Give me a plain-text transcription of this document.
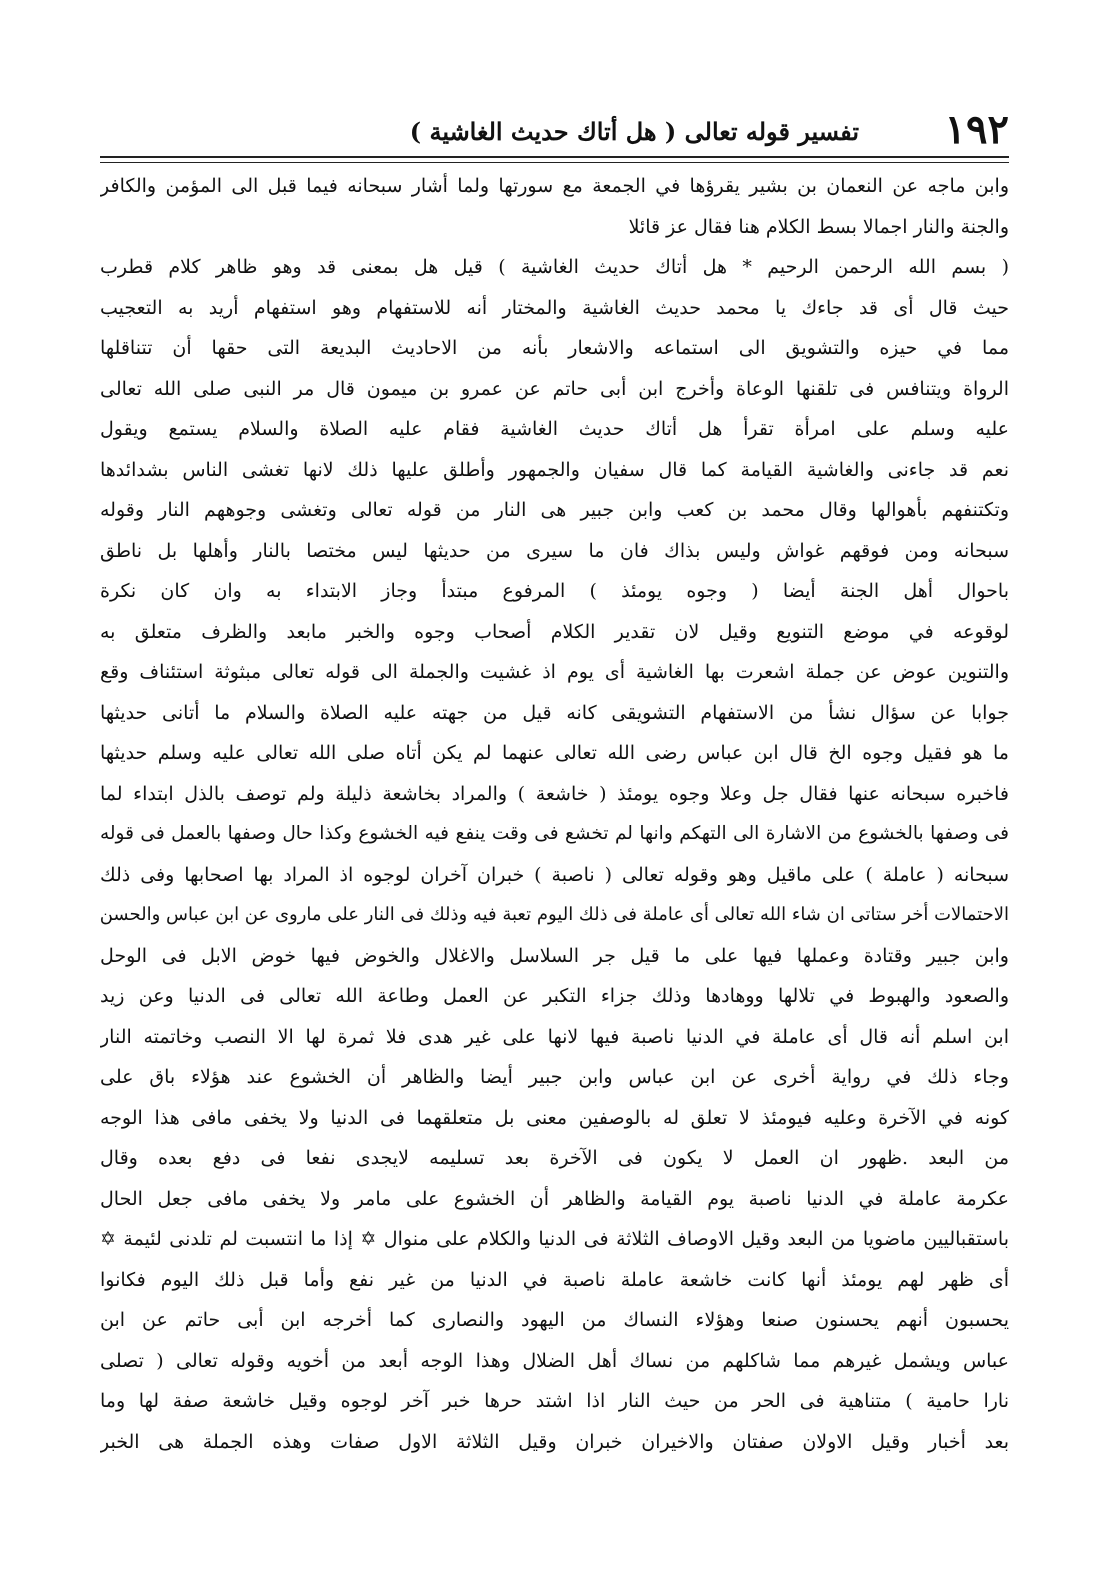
١٩٢
تفسير قوله تعالى ( هل أتاك حديث الغاشية )
وابن ماجه عن النعمان بن بشير يقرؤها في الجمعة مع سورتها ولما أشار سبحانه فيما قبل الى المؤمن والكافر
والجنة والنار اجمالا بسط الكلام هنا فقال عز قائلا
( بسم الله الرحمن الرحيم * هل أتاك حديث الغاشية ) قيل هل بمعنى قد وهو ظاهر كلام قطرب
حيث قال أى قد جاءك يا محمد حديث الغاشية والمختار أنه للاستفهام وهو استفهام أريد به التعجيب
مما في حيزه والتشويق الى استماعه والاشعار بأنه من الاحاديث البديعة التى حقها أن تتناقلها
الرواة ويتنافس فى تلقنها الوعاة وأخرج ابن أبى حاتم عن عمرو بن ميمون قال مر النبى صلى الله تعالى
عليه وسلم على امرأة تقرأ هل أتاك حديث الغاشية فقام عليه الصلاة والسلام يستمع ويقول
نعم قد جاءنى والغاشية القيامة كما قال سفيان والجمهور وأطلق عليها ذلك لانها تغشى الناس بشدائدها
وتكتنفهم بأهوالها وقال محمد بن كعب وابن جبير هى النار من قوله تعالى وتغشى وجوههم النار وقوله
سبحانه ومن فوقهم غواش وليس بذاك فان ما سيرى من حديثها ليس مختصا بالنار وأهلها بل ناطق
باحوال أهل الجنة أيضا ( وجوه يومئذ ) المرفوع مبتدأ وجاز الابتداء به وان كان نكرة
لوقوعه في موضع التنويع وقيل لان تقدير الكلام أصحاب وجوه والخبر مابعد والظرف متعلق به
والتنوين عوض عن جملة اشعرت بها الغاشية أى يوم اذ غشيت والجملة الى قوله تعالى مبثوثة استئناف وقع
جوابا عن سؤال نشأ من الاستفهام التشويقى كانه قيل من جهته عليه الصلاة والسلام ما أتانى حديثها
ما هو فقيل وجوه الخ قال ابن عباس رضى الله تعالى عنهما لم يكن أتاه صلى الله تعالى عليه وسلم حديثها
فاخبره سبحانه عنها فقال جل وعلا وجوه يومئذ ( خاشعة ) والمراد بخاشعة ذليلة ولم توصف بالذل ابتداء لما
فى وصفها بالخشوع من الاشارة الى التهكم وانها لم تخشع فى وقت ينفع فيه الخشوع وكذا حال وصفها بالعمل فى قوله
سبحانه ( عاملة ) على ماقيل وهو وقوله تعالى ( ناصبة ) خبران آخران لوجوه اذ المراد بها اصحابها وفى ذلك
الاحتمالات أخر ستاتى ان شاء الله تعالى أى عاملة فى ذلك اليوم تعبة فيه وذلك فى النار على ماروى عن ابن عباس والحسن
وابن جبير وقتادة وعملها فيها على ما قيل جر السلاسل والاغلال والخوض فيها خوض الابل فى الوحل
والصعود والهبوط في تلالها ووهادها وذلك جزاء التكبر عن العمل وطاعة الله تعالى فى الدنيا وعن زيد
ابن اسلم أنه قال أى عاملة في الدنيا ناصبة فيها لانها على غير هدى فلا ثمرة لها الا النصب وخاتمته النار
وجاء ذلك في رواية أخرى عن ابن عباس وابن جبير أيضا والظاهر أن الخشوع عند هؤلاء باق على
كونه في الآخرة وعليه فيومئذ لا تعلق له بالوصفين معنى بل متعلقهما فى الدنيا ولا يخفى مافى هذا الوجه
من البعد .ظهور ان العمل لا يكون فى الآخرة بعد تسليمه لايجدى نفعا فى دفع بعده وقال
عكرمة عاملة في الدنيا ناصبة يوم القيامة والظاهر أن الخشوع على مامر ولا يخفى مافى جعل الحال
باستقباليين ماضويا من البعد وقيل الاوصاف الثلاثة فى الدنيا والكلام على منوال ✡ إذا ما انتسبت لم تلدنى لئيمة ✡
أى ظهر لهم يومئذ أنها كانت خاشعة عاملة ناصبة في الدنيا من غير نفع وأما قبل ذلك اليوم فكانوا
يحسبون أنهم يحسنون صنعا وهؤلاء النساك من اليهود والنصارى كما أخرجه ابن أبى حاتم عن ابن
عباس ويشمل غيرهم مما شاكلهم من نساك أهل الضلال وهذا الوجه أبعد من أخويه وقوله تعالى ( تصلى
نارا حامية ) متناهية فى الحر من حيث النار اذا اشتد حرها خبر آخر لوجوه وقيل خاشعة صفة لها وما
بعد أخبار وقيل الاولان صفتان والاخيران خبران وقيل الثلاثة الاول صفات وهذه الجملة هى الخبر
